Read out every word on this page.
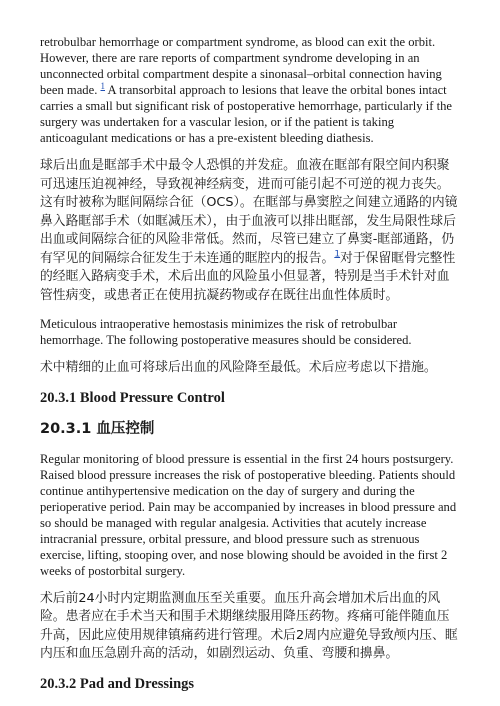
retrobulbar hemorrhage or compartment syndrome, as blood can exit the orbit. However, there are rare reports of compartment syndrome developing in an unconnected orbital compartment despite a sinonasal–orbital connection having been made. $^1$ A transorbital approach to lesions that leave the orbital bones intact carries a small but significant risk of postoperative hemorrhage, particularly if the surgery was undertaken for a vascular lesion, or if the patient is taking anticoagulant medications or has a pre-existent bleeding diathesis.

球后出血是眶部手术中最令人恐惧的并发症。血液在眶部有限空间内积聚可迅速压迫视神经，导致视神经病变，进而可能引起不可逆的视力丧失。这有时被称为眶间隔综合征（OCS）。在眶部与鼻窦腔之间建立通路的内镜鼻入路眶部手术（如眶减压术），由于血液可以排出眶部，发生局限性球后出血或间隔综合征的风险非常低。然而，尽管已建立了鼻窦-眶部通路，仍有罕见的间隔综合征发生于未连通的眶腔内的报告。$^1$对于保留眶骨完整性的经眶入路病变手术，术后出血的风险虽小但显著，特别是当手术针对血管性病变，或患者正在使用抗凝药物或存在既往出血性体质时。

Meticulous intraoperative hemostasis minimizes the risk of retrobulbar hemorrhage. The following postoperative measures should be considered.

术中精细的止血可将球后出血的风险降至最低。术后应考虑以下措施。

20.3.1 Blood Pressure Control
20.3.1 血压控制

Regular monitoring of blood pressure is essential in the first 24 hours postsurgery. Raised blood pressure increases the risk of postoperative bleeding. Patients should continue antihypertensive medication on the day of surgery and during the perioperative period. Pain may be accompanied by increases in blood pressure and so should be managed with regular analgesia. Activities that acutely increase intracranial pressure, orbital pressure, and blood pressure such as strenuous exercise, lifting, stooping over, and nose blowing should be avoided in the first 2 weeks of postorbital surgery.

术后前24小时内定期监测血压至关重要。血压升高会增加术后出血的风险。患者应在手术当天和围手术期继续服用降压药物。疼痛可能伴随血压升高，因此应使用规律镇痛药进行管理。术后2周内应避免导致颅内压、眶内压和血压急剧升高的活动，如剧烈运动、负重、弯腰和擤鼻。

20.3.2 Pad and Dressings
